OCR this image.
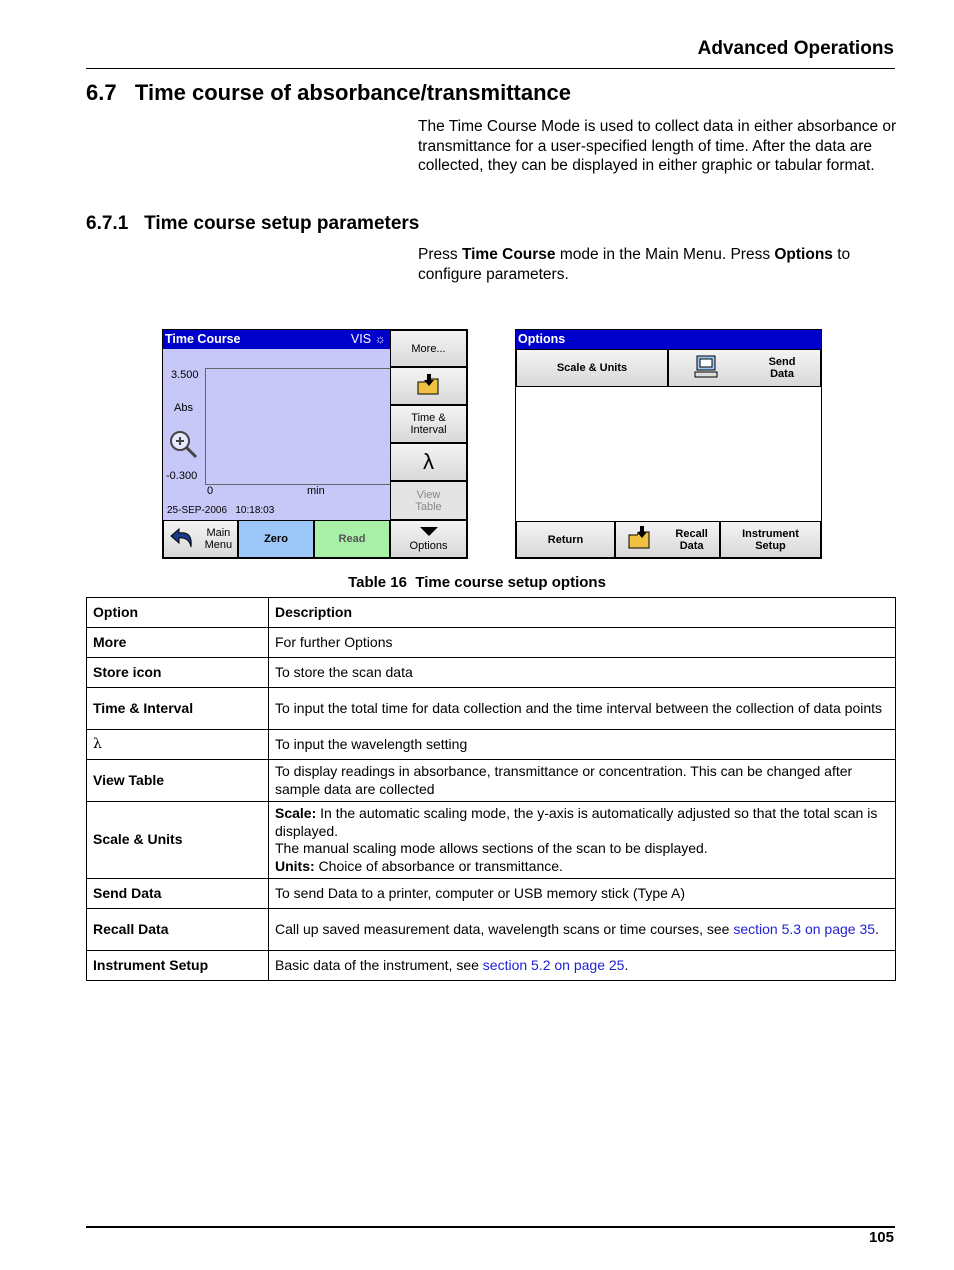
Advanced Operations
6.7   Time course of absorbance/transmittance
The Time Course Mode is used to collect data in either absorbance or transmittance for a user-specified length of time. After the data are collected, they can be displayed in either graphic or tabular format.
6.7.1   Time course setup parameters
Press Time Course mode in the Main Menu. Press Options to configure parameters.
Time Course	VIS ☼
3.500
Abs
-0.300
0	min
25-SEP-2006   10:18:03
More...
Time &
Interval
λ
View
Table
Main
Menu	Zero	Read
Options
Options
Scale & Units	Send
Data
Return	Recall
Data
Instrument
Setup
Table 16  Time course setup options
Option	Description
More	For further Options
Store icon	To store the scan data
Time & Interval	To input the total time for data collection and the time interval between the collection of data points
λ	To input the wavelength setting
View Table	To display readings in absorbance, transmittance or concentration. This can be changed after sample data are collected
Scale & Units	Scale: In the automatic scaling mode, the y-axis is automatically adjusted so that the total scan is displayed.
The manual scaling mode allows sections of the scan to be displayed.
Units: Choice of absorbance or transmittance.
Send Data	To send Data to a printer, computer or USB memory stick (Type A)
Recall Data	Call up saved measurement data, wavelength scans or time courses, see section 5.3 on page 35.
Instrument Setup	Basic data of the instrument, see section 5.2 on page 25.
105
